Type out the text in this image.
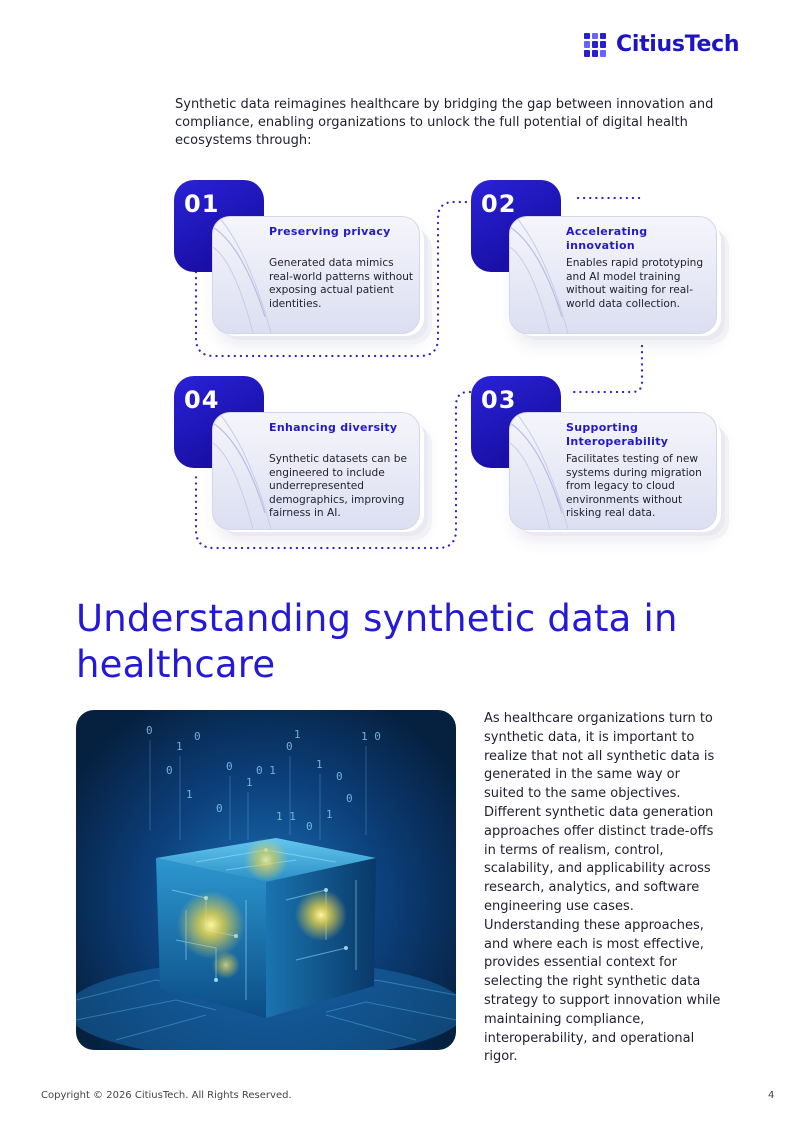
CitiusTech

Synthetic data reimagines healthcare by bridging the gap between innovation and compliance, enabling organizations to unlock the full potential of digital health ecosystems through:

01
Preserving privacy
Generated data mimics real-world patterns without exposing actual patient identities.
02
Accelerating innovation
Enables rapid prototyping and AI model training without waiting for real-world data collection.
04
Enhancing diversity
Synthetic datasets can be engineered to include underrepresented demographics, improving fairness in AI.
03
Supporting Interoperability
Facilitates testing of new systems during migration from legacy to cloud environments without risking real data.
Understanding synthetic data in healthcare
0
1
0
0
1
0 1
0
1
1
0
1 0
0
1
0
1 1
0
0
1

As healthcare organizations turn to synthetic data, it is important to realize that not all synthetic data is generated in the same way or suited to the same objectives. Different synthetic data generation approaches offer distinct trade-offs in terms of realism, control, scalability, and applicability across research, analytics, and software engineering use cases. Understanding these approaches, and where each is most effective, provides essential context for selecting the right synthetic data strategy to support innovation while maintaining compliance, interoperability, and operational rigor.

Copyright © 2026 CitiusTech. All Rights Reserved.	4
